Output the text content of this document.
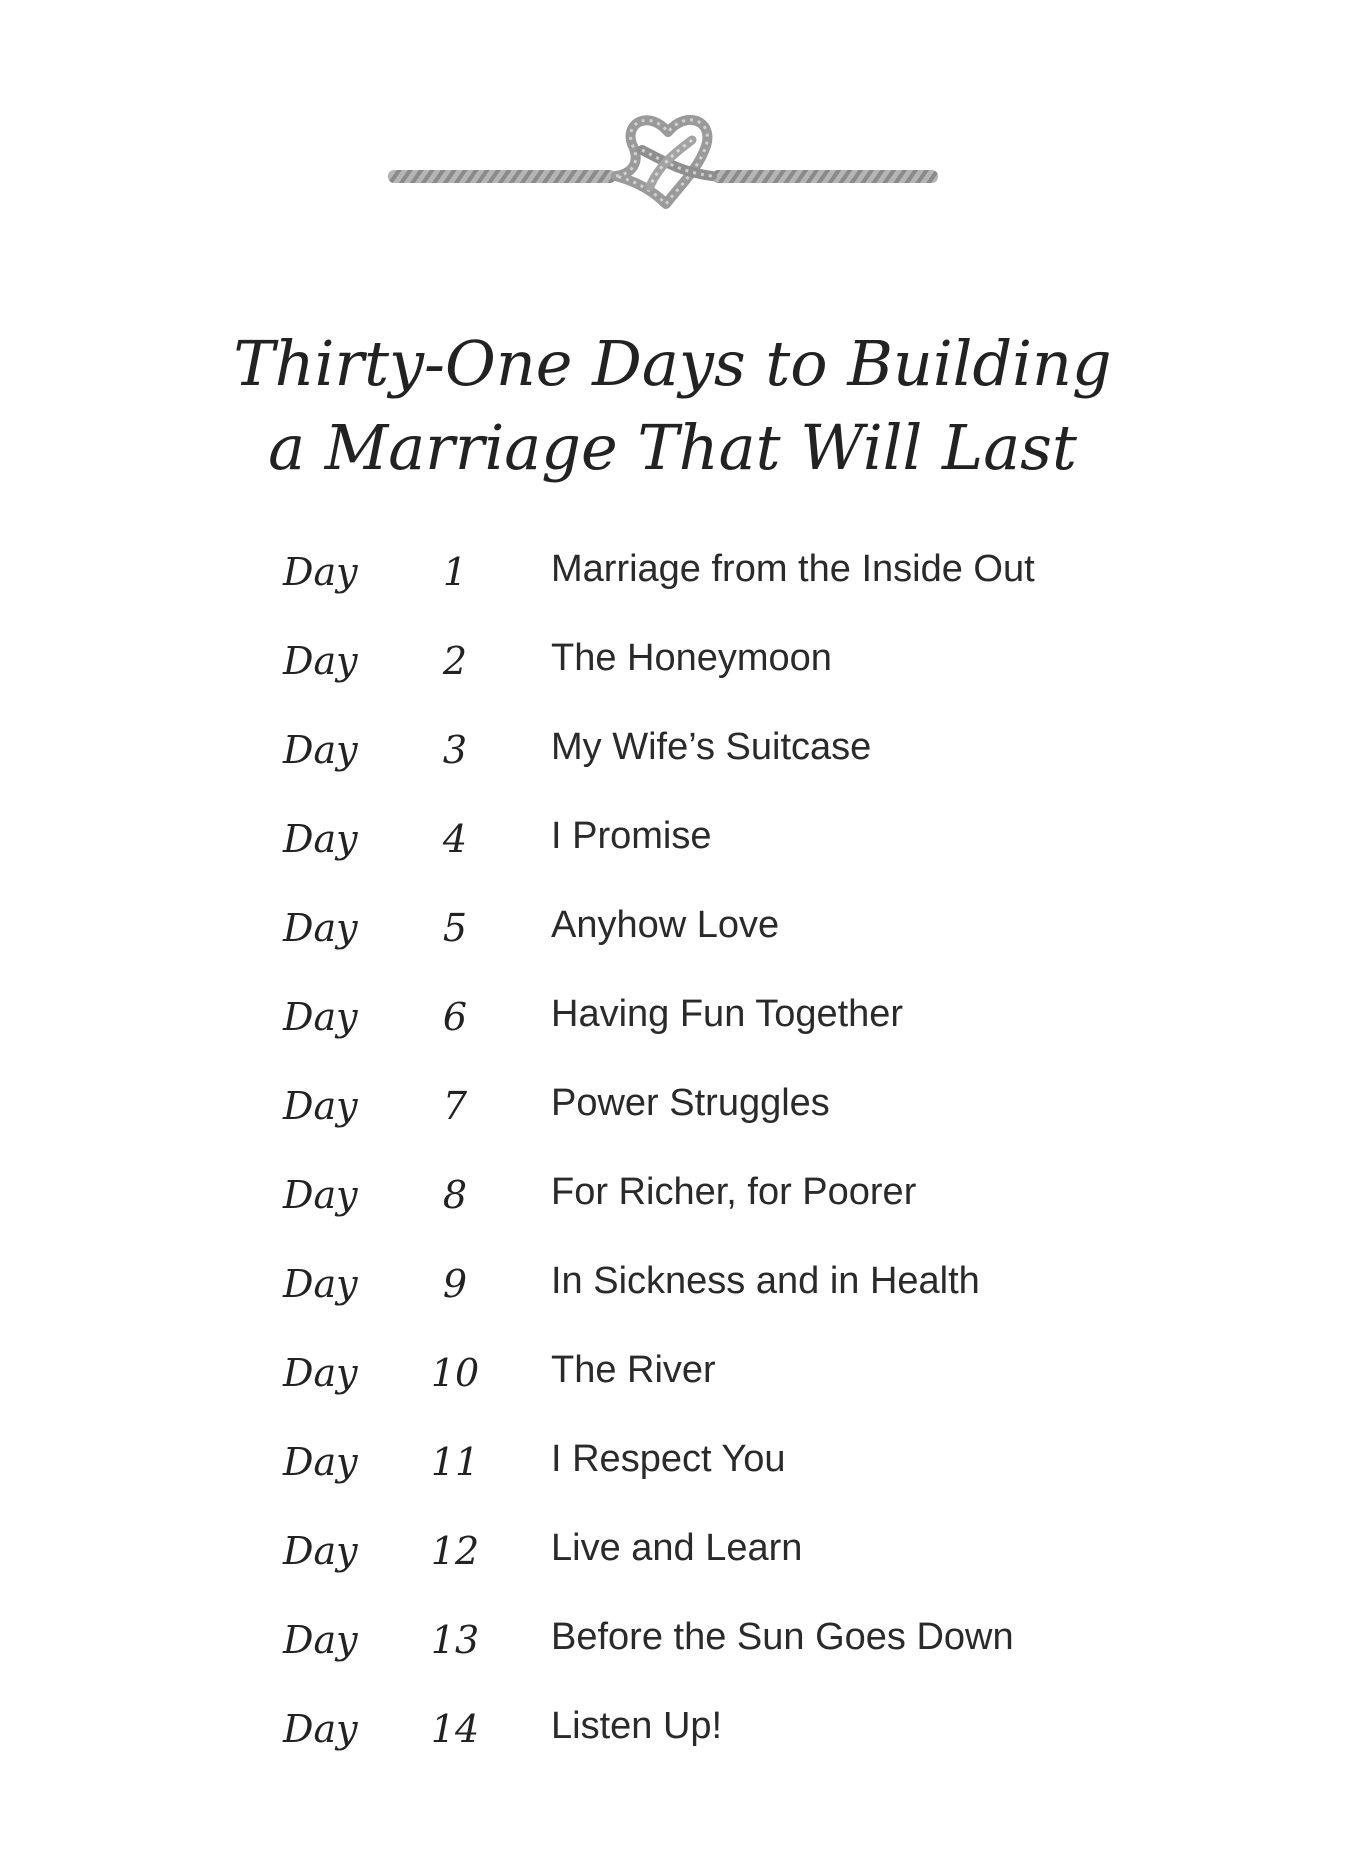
Thirty-One Days to Building
a Marriage That Will Last
Day	1	Marriage from the Inside Out
Day	2	The Honeymoon
Day	3	My Wife’s Suitcase
Day	4	I Promise
Day	5	Anyhow Love
Day	6	Having Fun Together
Day	7	Power Struggles
Day	8	For Richer, for Poorer
Day	9	In Sickness and in Health
Day 10 The River
Day 11 I Respect You
Day 12 Live and Learn
Day 13 Before the Sun Goes Down
Day 14 Listen Up!
